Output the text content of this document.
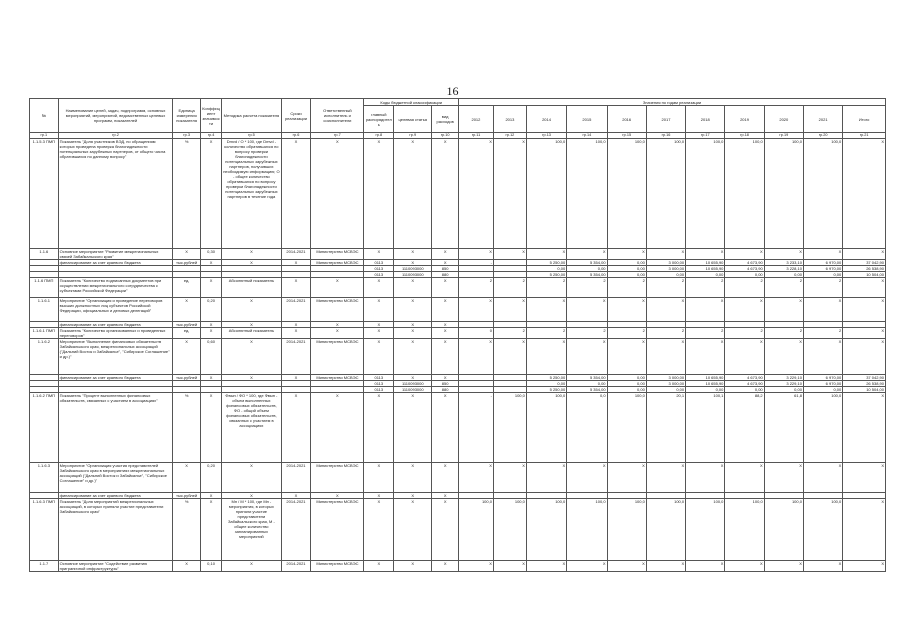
16
№	Наименование целей, задач, подпрограмм, основных мероприятий, мероприятий, ведомственных целевых программ, показателей	Единица измерения показателя	Коэффициент значимости	Методика расчета показателя	Сроки реализации	Ответственный исполнитель и соисполнители	Коды бюджетной классификации			Значения по годам реализации										
							главный распорядитель	целевая статья	вид расходов	2012	2013	2014	2015	2016	2017	2018	2019	2020	2021	Итого
гр.1	гр.2	гр.3	гр.4	гр.5	гр.6	гр.7	гр.8	гр.9	гр.10	гр.11	гр.12	гр.13	гр.14	гр.15	гр.16	гр.17	гр.18	гр.19	гр.20	гр.21
1.1.5.3 ПМП	Показатель "Доля участников ВЭД, по обращениям которых проведена проверка благонадежности потенциальных зарубежных партнеров, от общего числа обратившихся по данному вопросу"	%	Х	Dmvd / O * 100, где Dmvd - количество обратившихся по вопросу проверки благонадежности потенциальных зарубежных партнеров, получивших необходимую информацию; O - общее количество обратившихся по вопросу проверки благонадежности потенциальных зарубежных партнеров в течение года	Х	Х	Х	Х	Х	Х	Х	100,0	100,0	100,0	100,0	100,0	100,0	100,0	100,0	Х
1.1.6	Основное мероприятие "Развитие межрегиональных связей Забайкальского края"	Х	0,30	Х	2014-2021	Министерство МСВЭС	Х	Х	Х	Х	Х	Х	Х	Х	Х	Х	Х	Х	Х	Х
	финансирование за счет краевого бюджета	тыс.рублей	Х	Х	Х	Министерство МСВЭС	0113	Х	Х	-		5 250,00	5 354,00	0,00	3 000,00	10 655,90	4 673,90	3 233,10	6 970,00	37 042,90
							0113	1110093000	850			0,00	0,00	0,00	3 000,00	10 655,90	4 673,90	3 228,10	6 970,00	26 538,90
							0113	1110093000	880			5 250,00	5 354,00	0,00	0,00	0,00	0,00	0,00	0,00	10 504,00
1.1.6 ПМП	Показатель "Количество подписанных документов при осуществлении межрегионального сотрудничества с субъектами Российской Федерации"	ед.	Х	Абсолютный показатель	Х	Х	Х	Х	Х	2	2	2	2	2	2	2	2	2	2	Х
1.1.6.1	Мероприятие "Организация и проведение переговоров высших должностных лиц субъектов Российской Федерации, официальных и деловых делегаций"	Х	0,20	Х	2014-2021	Министерство МСВЭС	Х	Х	Х	Х	Х	Х	Х	Х	Х	Х	Х	Х	Х	Х
	финансирование за счет краевого бюджета	тыс.рублей	Х	Х	Х	Х	Х	Х	Х											
1.1.6.1 ПМП	Показатель "Количество организованных и проведенных переговоров"	ед.	Х	Абсолютный показатель	Х	Х	Х	Х	Х	0	2	2	2	2	2	2	2	2	2	Х
1.1.6.2	Мероприятие "Выполнение финансовых обязательств Забайкальского края, межрегиональных ассоциаций ("Дальний Восток и Забайкалье", "Сибирское Соглашение" и др.)"	Х	0,60	Х	2014-2021	Министерство МСВЭС	Х	Х	Х	Х	Х	Х	Х	Х	Х	Х	Х	Х	Х	Х
	финансирование за счет краевого бюджета	тыс.рублей	Х	Х	Х	Министерство МСВЭС	0113	Х	Х			5 250,00	5 354,00	0,00	3 000,00	10 655,90	4 673,90	3 229,10	6 970,00	37 042,90
							0113	1110093000	850			0,00	0,00	0,00	3 000,00	10 655,90	4 673,90	3 229,10	6 970,00	26 538,90
							0113	1110093000	880			5 250,00	5 354,00	0,00	0,00	0,00	0,00	0,00	0,00	10 504,00
1.1.6.2 ПМП	Показатель "Процент выполненных финансовых обязательств, связанных с участием в ассоциациях"	%	Х	Фвып / ФО * 100, где Фвып - объем выполненных финансовых обязательств, ФО - общий объем финансовых обязательств, связанных с участием в ассоциациях	Х	Х	Х	Х	Х	-	100,0	100,0	0,0	100,0	20,1	100,1	88,2	61,8	100,0	Х
1.1.6.3	Мероприятие "Организация участия представителей Забайкальского края в мероприятиях межрегиональных ассоциаций ("Дальний Восток и Забайкалье", "Сибирское Соглашение" и др.)"	Х	0,20	Х	2014-2021	Министерство МСВЭС	Х	Х	Х	Х	Х	Х	Х	Х	Х	Х	Х	Х	Х	Х
	финансирование за счет краевого бюджета	тыс.рублей	Х	Х	Х	Х	Х	Х	Х											
1.1.6.3 ПМП	Показатель "Доля мероприятий межрегиональных ассоциаций, в которых приняли участие представители Забайкальского края"	%	Х	Мп / М * 100, где Мп - мероприятия, в которых приняли участие представители Забайкальского края, М - общее количество запланированных мероприятий	2014-2021	Министерство МСВЭС	Х	Х	Х	100,0	100,0	100,0	100,0	100,0	100,0	100,0	100,0	100,0	100,0	Х
1.1.7	Основное мероприятие "Содействие развитию приграничной инфраструктуры"	Х	0,10	Х	2014-2021	Министерство МСВЭС	Х	Х	Х	Х	Х	Х	Х	Х	Х	Х	Х	Х	Х	Х
